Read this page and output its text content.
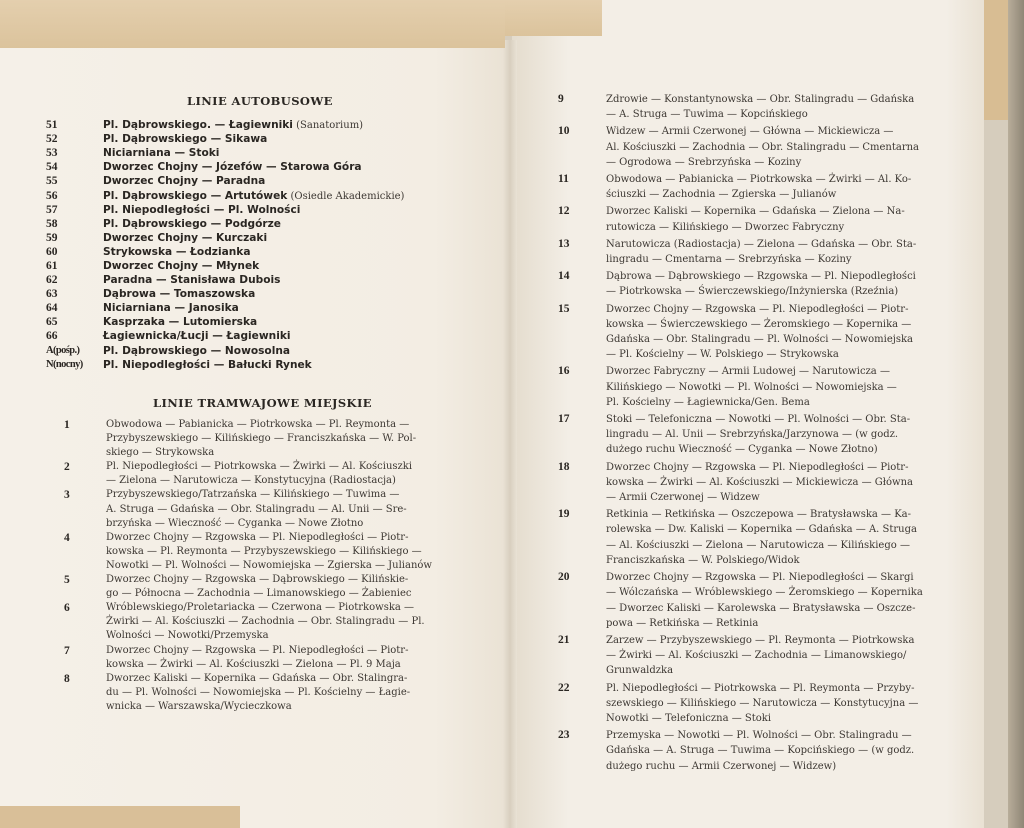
LINIE AUTOBUSOWE
51	Pl. Dąbrowskiego. — Łagiewniki (Sanatorium)
52	Pl. Dąbrowskiego — Sikawa
53	Niciarniana — Stoki
54	Dworzec Chojny — Józefów — Starowa Góra
55	Dworzec Chojny — Paradna
56	Pl. Dąbrowskiego — Artutówek (Osiedle Akademickie)
57	Pl. Niepodległości — Pl. Wolności
58	Pl. Dąbrowskiego — Podgórze
59	Dworzec Chojny — Kurczaki
60	Strykowska — Łodzianka
61	Dworzec Chojny — Młynek
62	Paradna — Stanisława Dubois
63	Dąbrowa — Tomaszowska
64	Niciarniana — Janosika
65	Kasprzaka — Lutomierska
66	Łagiewnicka/Łucji — Łagiewniki
A(pośp.)	Pl. Dąbrowskiego — Nowosolna
N(nocny)	Pl. Niepodległości — Bałucki Rynek
LINIE TRAMWAJOWE MIEJSKIE
1	Obwodowa — Pabianicka — Piotrkowska — Pl. Reymonta —
Przybyszewskiego — Kilińskiego — Franciszkańska — W. Pol-
skiego — Strykowska
2	Pl. Niepodległości — Piotrkowska — Żwirki — Al. Kościuszki
— Zielona — Narutowicza — Konstytucyjna (Radiostacja)
3	Przybyszewskiego/Tatrzańska — Kilińskiego — Tuwima —
A. Struga — Gdańska — Obr. Stalingradu — Al. Unii — Sre-
brzyńska — Wieczność — Cyganka — Nowe Złotno
4	Dworzec Chojny — Rzgowska — Pl. Niepodległości — Piotr-
kowska — Pl. Reymonta — Przybyszewskiego — Kilińskiego —
Nowotki — Pl. Wolności — Nowomiejska — Zgierska — Julianów
5	Dworzec Chojny — Rzgowska — Dąbrowskiego — Kilińskie-
go — Północna — Zachodnia — Limanowskiego — Żabieniec
6	Wróblewskiego/Proletariacka — Czerwona — Piotrkowska —
Żwirki — Al. Kościuszki — Zachodnia — Obr. Stalingradu — Pl.
Wolności — Nowotki/Przemyska
7	Dworzec Chojny — Rzgowska — Pl. Niepodległości — Piotr-
kowska — Żwirki — Al. Kościuszki — Zielona — Pl. 9 Maja
8	Dworzec Kaliski — Kopernika — Gdańska — Obr. Stalingra-
du — Pl. Wolności — Nowomiejska — Pl. Kościelny — Łagie-
wnicka — Warszawska/Wycieczkowa
9	Zdrowie — Konstantynowska — Obr. Stalingradu — Gdańska
— A. Struga — Tuwima — Kopcińskiego
10	Widzew — Armii Czerwonej — Główna — Mickiewicza —
Al. Kościuszki — Zachodnia — Obr. Stalingradu — Cmentarna
— Ogrodowa — Srebrzyńska — Koziny
11	Obwodowa — Pabianicka — Piotrkowska — Żwirki — Al. Ko-
ściuszki — Zachodnia — Zgierska — Julianów
12	Dworzec Kaliski — Kopernika — Gdańska — Zielona — Na-
rutowicza — Kilińskiego — Dworzec Fabryczny
13	Narutowicza (Radiostacja) — Zielona — Gdańska — Obr. Sta-
lingradu — Cmentarna — Srebrzyńska — Koziny
14	Dąbrowa — Dąbrowskiego — Rzgowska — Pl. Niepodległości
— Piotrkowska — Świerczewskiego/Inżynierska (Rzeźnia)
15	Dworzec Chojny — Rzgowska — Pl. Niepodległości — Piotr-
kowska — Świerczewskiego — Żeromskiego — Kopernika —
Gdańska — Obr. Stalingradu — Pl. Wolności — Nowomiejska
— Pl. Kościelny — W. Polskiego — Strykowska
16	Dworzec Fabryczny — Armii Ludowej — Narutowicza —
Kilińskiego — Nowotki — Pl. Wolności — Nowomiejska —
Pl. Kościelny — Łagiewnicka/Gen. Bema
17	Stoki — Telefoniczna — Nowotki — Pl. Wolności — Obr. Sta-
lingradu — Al. Unii — Srebrzyńska/Jarzynowa — (w godz.
dużego ruchu Wieczność — Cyganka — Nowe Złotno)
18	Dworzec Chojny — Rzgowska — Pl. Niepodległości — Piotr-
kowska — Żwirki — Al. Kościuszki — Mickiewicza — Główna
— Armii Czerwonej — Widzew
19	Retkinia — Retkińska — Oszczepowa — Bratysławska — Ka-
rolewska — Dw. Kaliski — Kopernika — Gdańska — A. Struga
— Al. Kościuszki — Zielona — Narutowicza — Kilińskiego —
Franciszkańska — W. Polskiego/Widok
20	Dworzec Chojny — Rzgowska — Pl. Niepodległości — Skargi
— Wólczańska — Wróblewskiego — Żeromskiego — Kopernika
— Dworzec Kaliski — Karolewska — Bratysławska — Oszcze-
powa — Retkińska — Retkinia
21	Zarzew — Przybyszewskiego — Pl. Reymonta — Piotrkowska
— Żwirki — Al. Kościuszki — Zachodnia — Limanowskiego/
Grunwaldzka
22	Pl. Niepodległości — Piotrkowska — Pl. Reymonta — Przyby-
szewskiego — Kilińskiego — Narutowicza — Konstytucyjna —
Nowotki — Telefoniczna — Stoki
23	Przemyska — Nowotki — Pl. Wolności — Obr. Stalingradu —
Gdańska — A. Struga — Tuwima — Kopcińskiego — (w godz.
dużego ruchu — Armii Czerwonej — Widzew)
